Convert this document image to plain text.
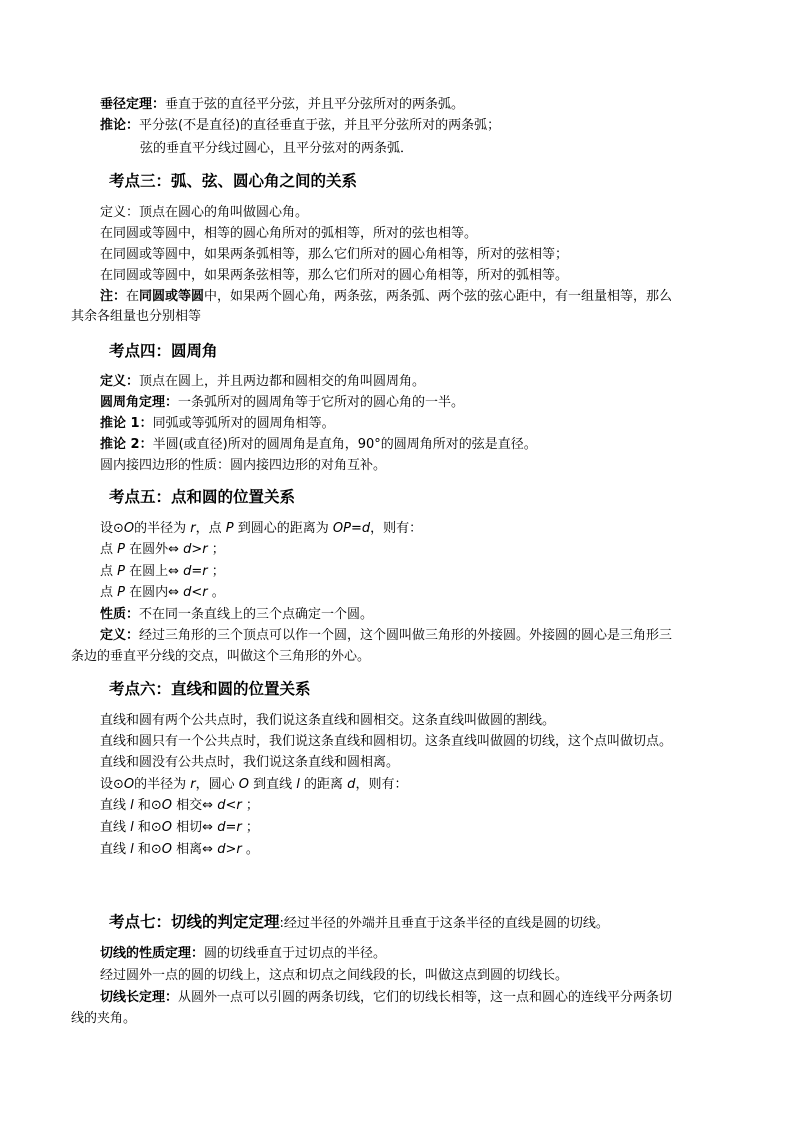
垂径定理：垂直于弦的直径平分弦，并且平分弦所对的两条弧。
推论：平分弦(不是直径)的直径垂直于弦，并且平分弦所对的两条弧；
弦的垂直平分线过圆心，且平分弦对的两条弧．
考点三：弧、弦、圆心角之间的关系
定义：顶点在圆心的角叫做圆心角。
在同圆或等圆中，相等的圆心角所对的弧相等，所对的弦也相等。
在同圆或等圆中，如果两条弧相等，那么它们所对的圆心角相等，所对的弦相等；
在同圆或等圆中，如果两条弦相等，那么它们所对的圆心角相等，所对的弧相等。
注：在同圆或等圆中，如果两个圆心角，两条弦，两条弧、两个弦的弦心距中，有一组量相等，那么
其余各组量也分别相等
考点四：圆周角
定义：顶点在圆上，并且两边都和圆相交的角叫圆周角。
圆周角定理：一条弧所对的圆周角等于它所对的圆心角的一半。
推论 1：同弧或等弧所对的圆周角相等。
推论 2：半圆(或直径)所对的圆周角是直角，90°的圆周角所对的弦是直径。
圆内接四边形的性质：圆内接四边形的对角互补。
考点五：点和圆的位置关系
设⊙O的半径为 r，点 P 到圆心的距离为 OP=d，则有：
点 P 在圆外⇔ d>r ；
点 P 在圆上⇔ d=r ；
点 P 在圆内⇔ d<r 。
性质：不在同一条直线上的三个点确定一个圆。
定义：经过三角形的三个顶点可以作一个圆，这个圆叫做三角形的外接圆。外接圆的圆心是三角形三
条边的垂直平分线的交点，叫做这个三角形的外心。
考点六：直线和圆的位置关系
直线和圆有两个公共点时，我们说这条直线和圆相交。这条直线叫做圆的割线。
直线和圆只有一个公共点时，我们说这条直线和圆相切。这条直线叫做圆的切线，这个点叫做切点。
直线和圆没有公共点时，我们说这条直线和圆相离。
设⊙O的半径为 r，圆心 O 到直线 l 的距离 d，则有：
直线 l 和⊙O 相交⇔ d<r ；
直线 l 和⊙O 相切⇔ d=r ；
直线 l 和⊙O 相离⇔ d>r 。
考点七：切线的判定定理:经过半径的外端并且垂直于这条半径的直线是圆的切线。
切线的性质定理：圆的切线垂直于过切点的半径。
经过圆外一点的圆的切线上，这点和切点之间线段的长，叫做这点到圆的切线长。
切线长定理：从圆外一点可以引圆的两条切线，它们的切线长相等，这一点和圆心的连线平分两条切
线的夹角。
